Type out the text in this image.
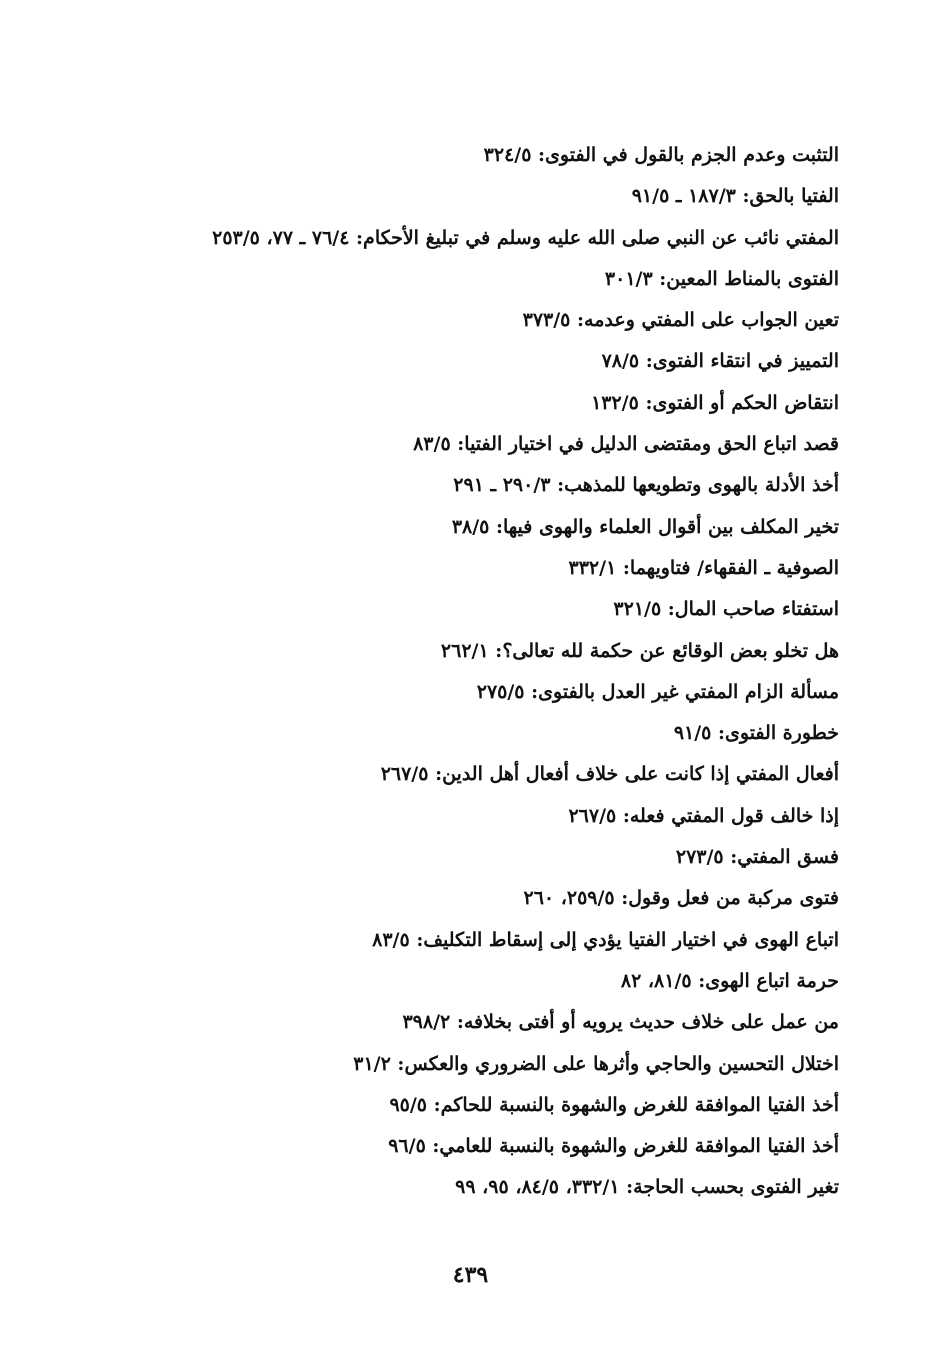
التثبت وعدم الجزم بالقول في الفتوى: ٣٢٤/٥
الفتيا بالحق: ١٨٧/٣ ـ ٩١/٥
المفتي نائب عن النبي صلى الله عليه وسلم في تبليغ الأحكام: ٧٦/٤ ـ ٧٧، ٢٥٣/٥
الفتوى بالمناط المعين: ٣٠١/٣
تعين الجواب على المفتي وعدمه: ٣٧٣/٥
التمييز في انتقاء الفتوى: ٧٨/٥
انتقاض الحكم أو الفتوى: ١٣٢/٥
قصد اتباع الحق ومقتضى الدليل في اختيار الفتيا: ٨٣/٥
أخذ الأدلة بالهوى وتطويعها للمذهب: ٢٩٠/٣ ـ ٢٩١
تخير المكلف بين أقوال العلماء والهوى فيها: ٣٨/٥
الصوفية ـ الفقهاء/ فتاويهما: ٣٣٢/١
استفتاء صاحب المال: ٣٢١/٥
هل تخلو بعض الوقائع عن حكمة لله تعالى؟: ٢٦٢/١
مسألة الزام المفتي غير العدل بالفتوى: ٢٧٥/٥
خطورة الفتوى: ٩١/٥
أفعال المفتي إذا كانت على خلاف أفعال أهل الدين: ٢٦٧/٥
إذا خالف قول المفتي فعله: ٢٦٧/٥
فسق المفتي: ٢٧٣/٥
فتوى مركبة من فعل وقول: ٢٥٩/٥، ٢٦٠
اتباع الهوى في اختيار الفتيا يؤدي إلى إسقاط التكليف: ٨٣/٥
حرمة اتباع الهوى: ٨١/٥، ٨٢
من عمل على خلاف حديث يرويه أو أفتى بخلافه: ٣٩٨/٢
اختلال التحسين والحاجي وأثرها على الضروري والعكس: ٣١/٢
أخذ الفتيا الموافقة للغرض والشهوة بالنسبة للحاكم: ٩٥/٥
أخذ الفتيا الموافقة للغرض والشهوة بالنسبة للعامي: ٩٦/٥
تغير الفتوى بحسب الحاجة: ٣٣٢/١، ٨٤/٥، ٩٥، ٩٩
٤٣٩
